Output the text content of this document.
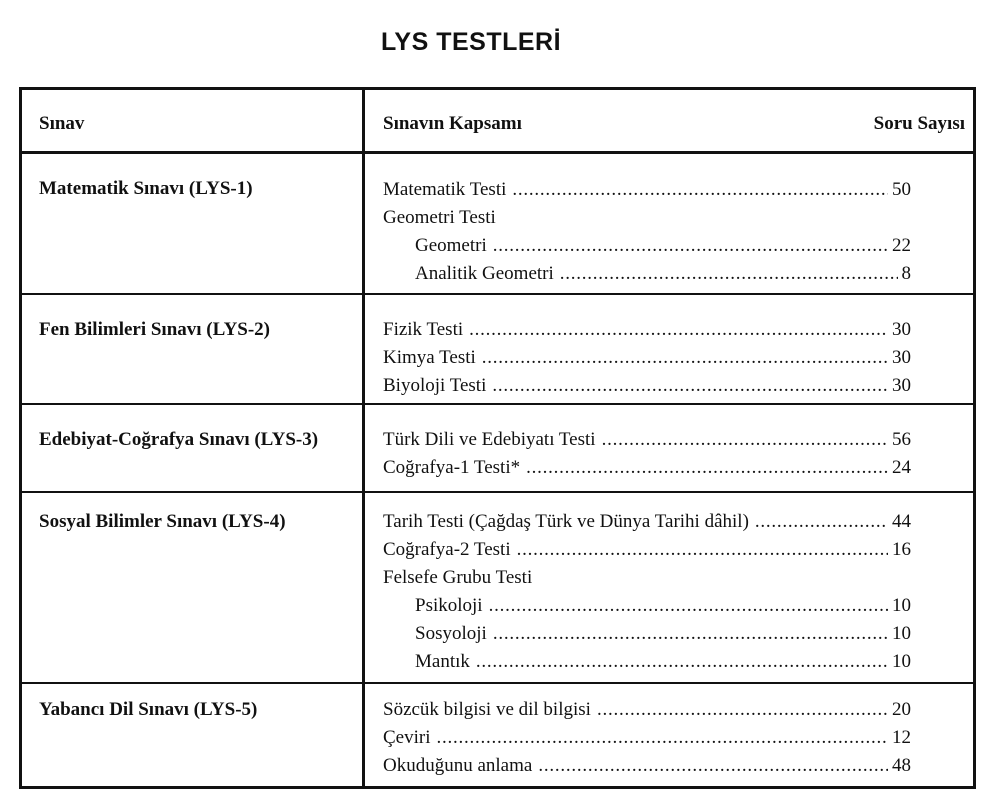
LYS TESTLERİ
Sınav	Sınavın Kapsamı	Soru Sayısı
Matematik Sınavı (LYS-1)	Matematik Testi . . .	50
Geometri Testi
Geometri . . .	22
Analitik Geometri . . .	8
Fen Bilimleri Sınavı (LYS-2)	Fizik Testi . . .	30
Kimya Testi . . .	30
Biyoloji Testi . . .	30
Edebiyat-Coğrafya Sınavı (LYS-3)	Türk Dili ve Edebiyatı Testi . . .	56
Coğrafya-1 Testi* . . .	24
Sosyal Bilimler Sınavı (LYS-4)	Tarih Testi (Çağdaş Türk ve Dünya Tarihi dâhil) . . .	44
Coğrafya-2 Testi . . .	16
Felsefe Grubu Testi
Psikoloji . . .	10
Sosyoloji . . .	10
Mantık . . .	10
Yabancı Dil Sınavı (LYS-5)	Sözcük bilgisi ve dil bilgisi . . .	20
Çeviri . . .	12
Okuduğunu anlama . . .	48
